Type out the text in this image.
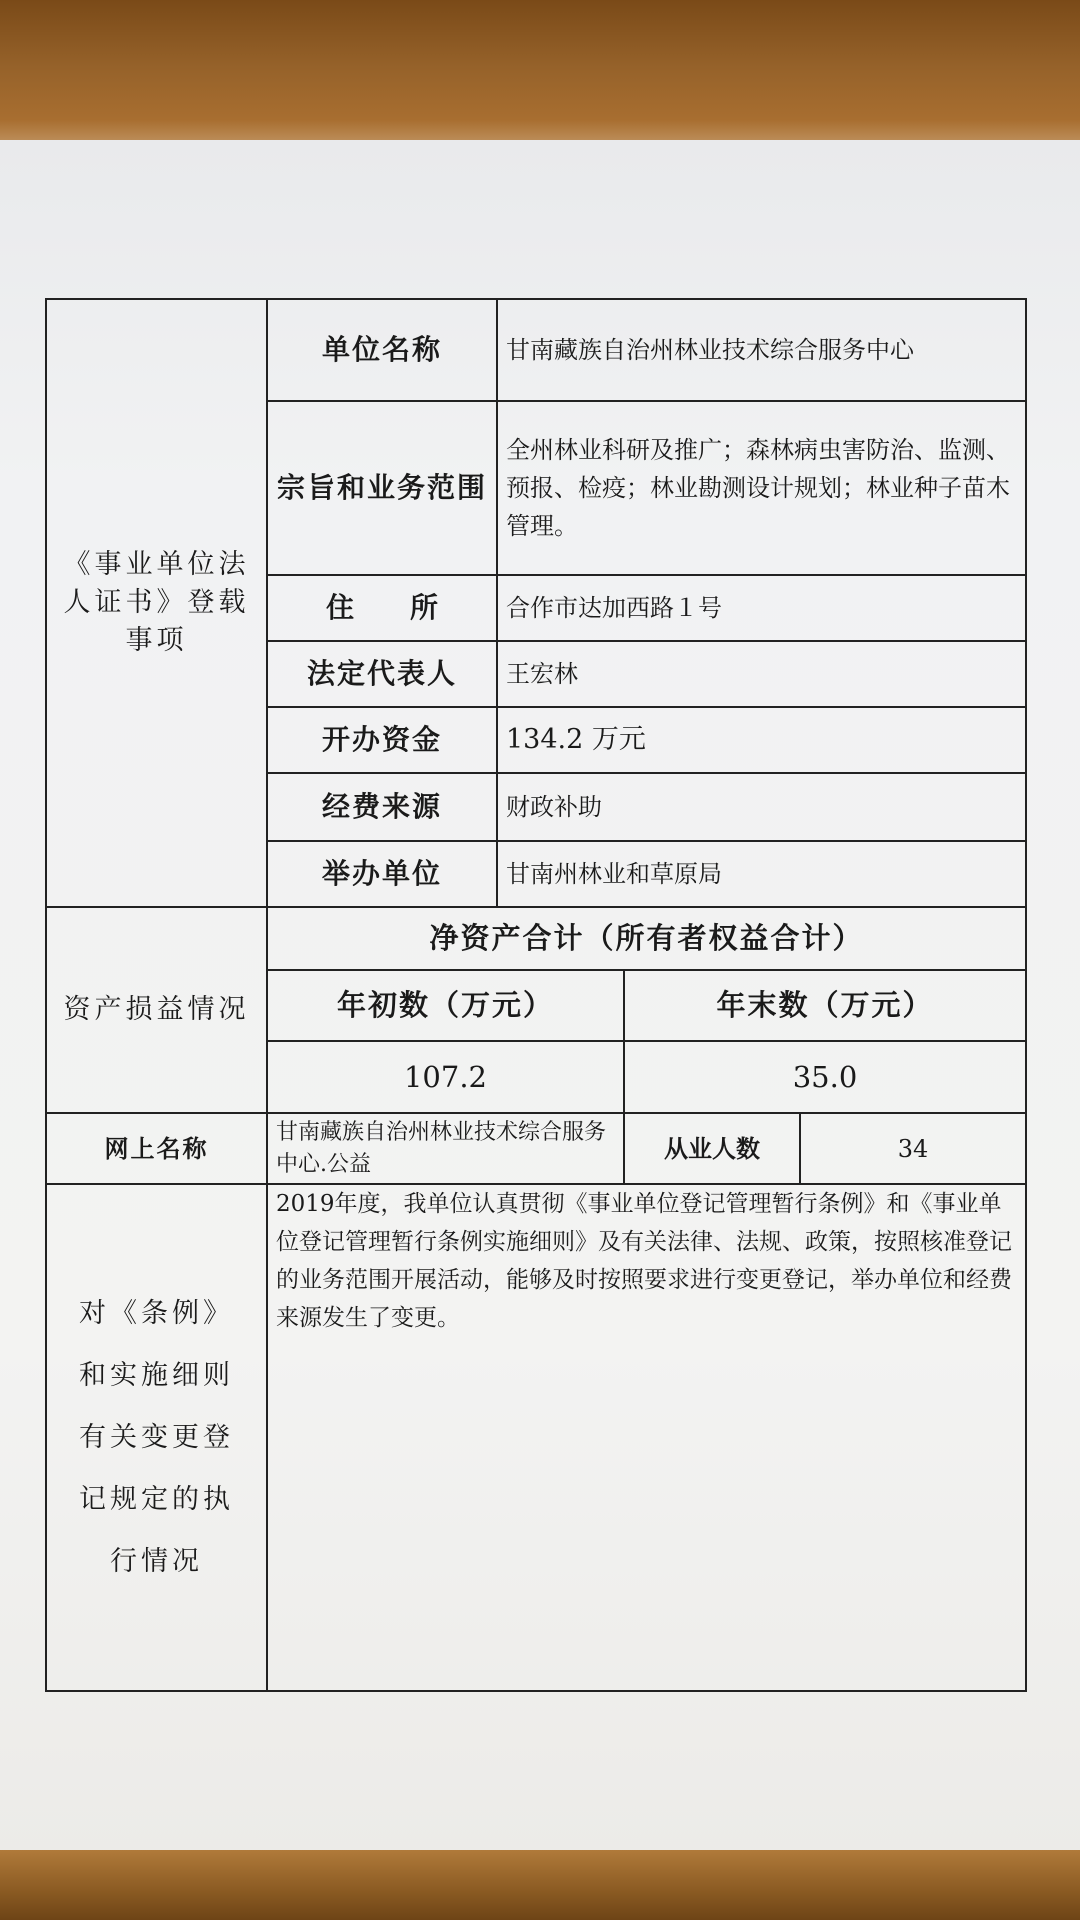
《事业单位法人证书》登载事项	单位名称	甘南藏族自治州林业技术综合服务中心		
	宗旨和业务范围	全州林业科研及推广；森林病虫害防治、监测、预报、检疫；林业勘测设计规划；林业种子苗木管理。		
	住　　所	合作市达加西路１号		
	法定代表人	王宏林		
	开办资金	134.2 万元		
	经费来源	财政补助		
	举办单位	甘南州林业和草原局		
资产损益情况	净资产合计（所有者权益合计）			
	年初数（万元）		年末数（万元）	
	107.2		35.0	
网上名称	甘南藏族自治州林业技术综合服务中心.公益		从业人数	34
对《条例》和实施细则有关变更登记规定的执行情况	2019年度，我单位认真贯彻《事业单位登记管理暂行条例》和《事业单位登记管理暂行条例实施细则》及有关法律、法规、政策，按照核准登记的业务范围开展活动，能够及时按照要求进行变更登记，举办单位和经费来源发生了变更。			
